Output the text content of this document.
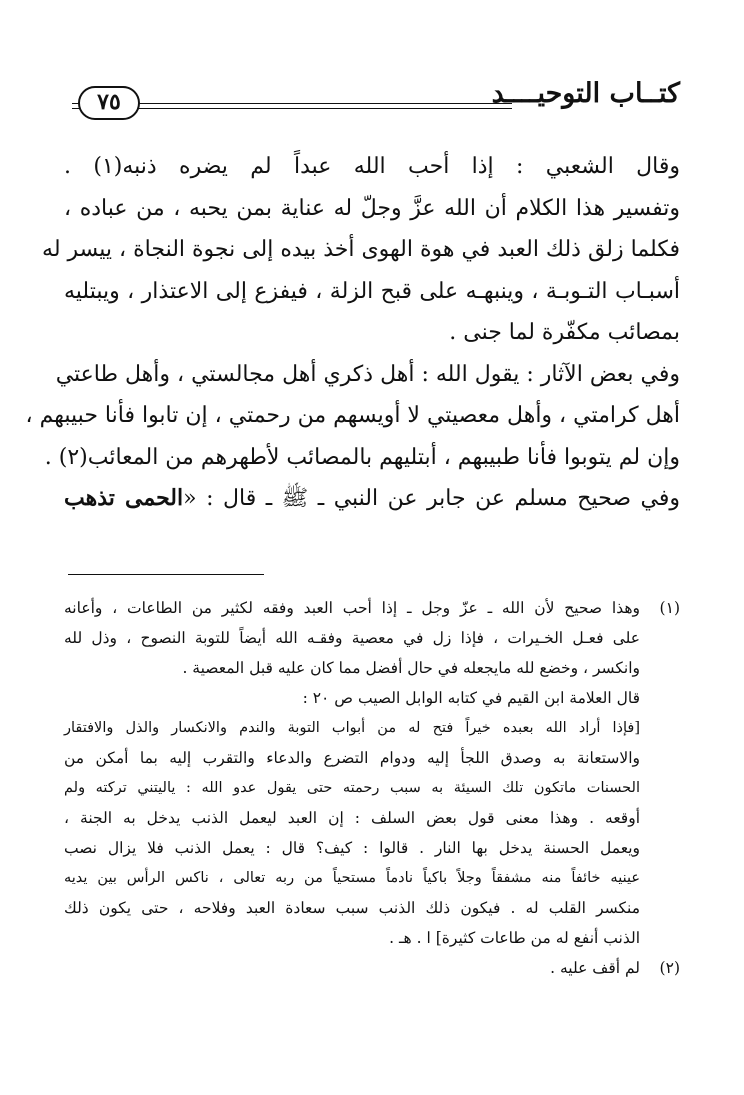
كتــاب التوحيــــد
٧٥

وقال الشعبي : إذا أحب الله عبداً لم يضره ذنبه(١) .

وتفسير هذا الكلام أن الله عزَّ وجلّ له عناية بمن يحبه ، من عباده ،

فكلما زلق ذلك العبد في هوة الهوى أخذ بيده إلى نجوة النجاة ، ييسر له

أسبـاب التـوبـة ، وينبهـه على قبح الزلة ، فيفزع إلى الاعتذار ، ويبتليه

بمصائب مكفّرة لما جنى .

وفي بعض الآثار : يقول الله : أهل ذكري أهل مجالستي ، وأهل طاعتي

أهل كرامتي ، وأهل معصيتي لا أويسهم من رحمتي ، إن تابوا فأنا حبيبهم ،

وإن لم يتوبوا فأنا طبيبهم ، أبتليهم بالمصائب لأطهرهم من المعائب(٢) .

وفي صحيح مسلم عن جابر عن النبي ـ ﷺ ـ قال : «الحمى تذهب

(١)

وهذا صحيح لأن الله ـ عزّ وجل ـ إذا أحب العبد وفقه لكثير من الطاعات ، وأعانه

على فعـل الخـيرات ، فإذا زل في معصية وفقـه الله أيضاً للتوبة النصوح ، وذل لله

وانكسر ، وخضع لله مايجعله في حال أفضل مما كان عليه قبل المعصية .

قال العلامة ابن القيم في كتابه الوابل الصيب ص ٢٠ :

[فإذا أراد الله بعبده خيراً فتح له من أبواب التوبة والندم والانكسار والذل والافتقار

والاستعانة به وصدق اللجأ إليه ودوام التضرع والدعاء والتقرب إليه بما أمكن من

الحسنات ماتكون تلك السيئة به سبب رحمته حتى يقول عدو الله : ياليتني تركته ولم

أوقعه . وهذا معنى قول بعض السلف : إن العبد ليعمل الذنب يدخل به الجنة ،

ويعمل الحسنة يدخل بها النار . قالوا : كيف؟ قال : يعمل الذنب فلا يزال نصب

عينيه خائفاً منه مشفقاً وجلاً باكياً نادماً مستحياً من ربه تعالى ، ناكس الرأس بين يديه

منكسر القلب له . فيكون ذلك الذنب سبب سعادة العبد وفلاحه ، حتى يكون ذلك

الذنب أنفع له من طاعات كثيرة] ا . هـ .

(٢)

لم أقف عليه .
